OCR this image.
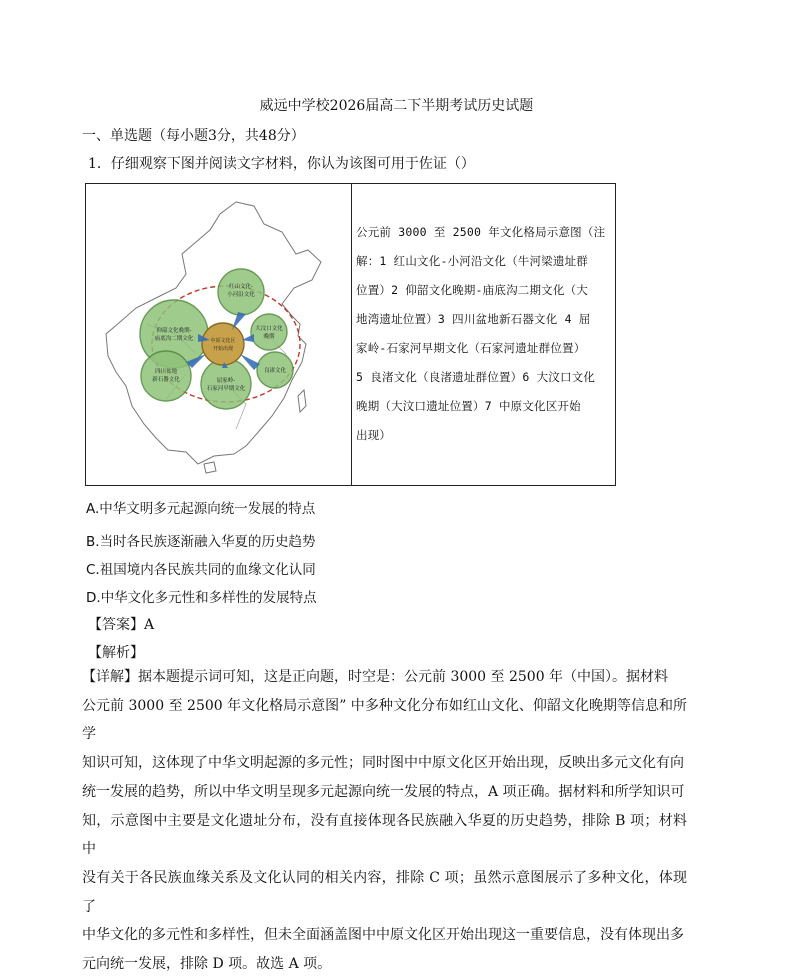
威远中学校2026届高二下半期考试历史试题
一、单选题（每小题3分，共48分）
1．仔细观察下图并阅读文字材料，你认为该图可用于佐证（）
红山文化-
小河沿文化
仰韶文化晚期-
庙底沟二期文化
四川盆地
新石器文化	屈家岭-
石家河早期文化
良渚文化
大汶口文化
晚期
中原文化区
开始出现
公元前 3000 至 2500 年文化格局示意图（注
解：1 红山文化-小河沿文化（牛河梁遗址群
位置）2 仰韶文化晚期-庙底沟二期文化（大
地湾遗址位置）3 四川盆地新石器文化 4 屈
家岭-石家河早期文化（石家河遗址群位置）
5 良渚文化（良渚遗址群位置）6 大汶口文化
晚期（大汶口遗址位置）7 中原文化区开始
出现）
A.中华文明多元起源向统一发展的特点
B.当时各民族逐渐融入华夏的历史趋势
C.祖国境内各民族共同的血缘文化认同
D.中华文化多元性和多样性的发展特点
【答案】A
【解析】

【详解】据本题提示词可知，这是正向题，时空是：公元前 3000 至 2500 年（中国）。据材料

公元前 3000 至 2500 年文化格局示意图” 中多种文化分布如红山文化、仰韶文化晚期等信息和所学

知识可知，这体现了中华文明起源的多元性；同时图中中原文化区开始出现，反映出多元文化有向

统一发展的趋势，所以中华文明呈现多元起源向统一发展的特点，A 项正确。据材料和所学知识可

知，示意图中主要是文化遗址分布，没有直接体现各民族融入华夏的历史趋势，排除 B 项；材料中

没有关于各民族血缘关系及文化认同的相关内容，排除 C 项；虽然示意图展示了多种文化，体现了

中华文化的多元性和多样性，但未全面涵盖图中中原文化区开始出现这一重要信息，没有体现出多

元向统一发展，排除 D 项。故选 A 项。
